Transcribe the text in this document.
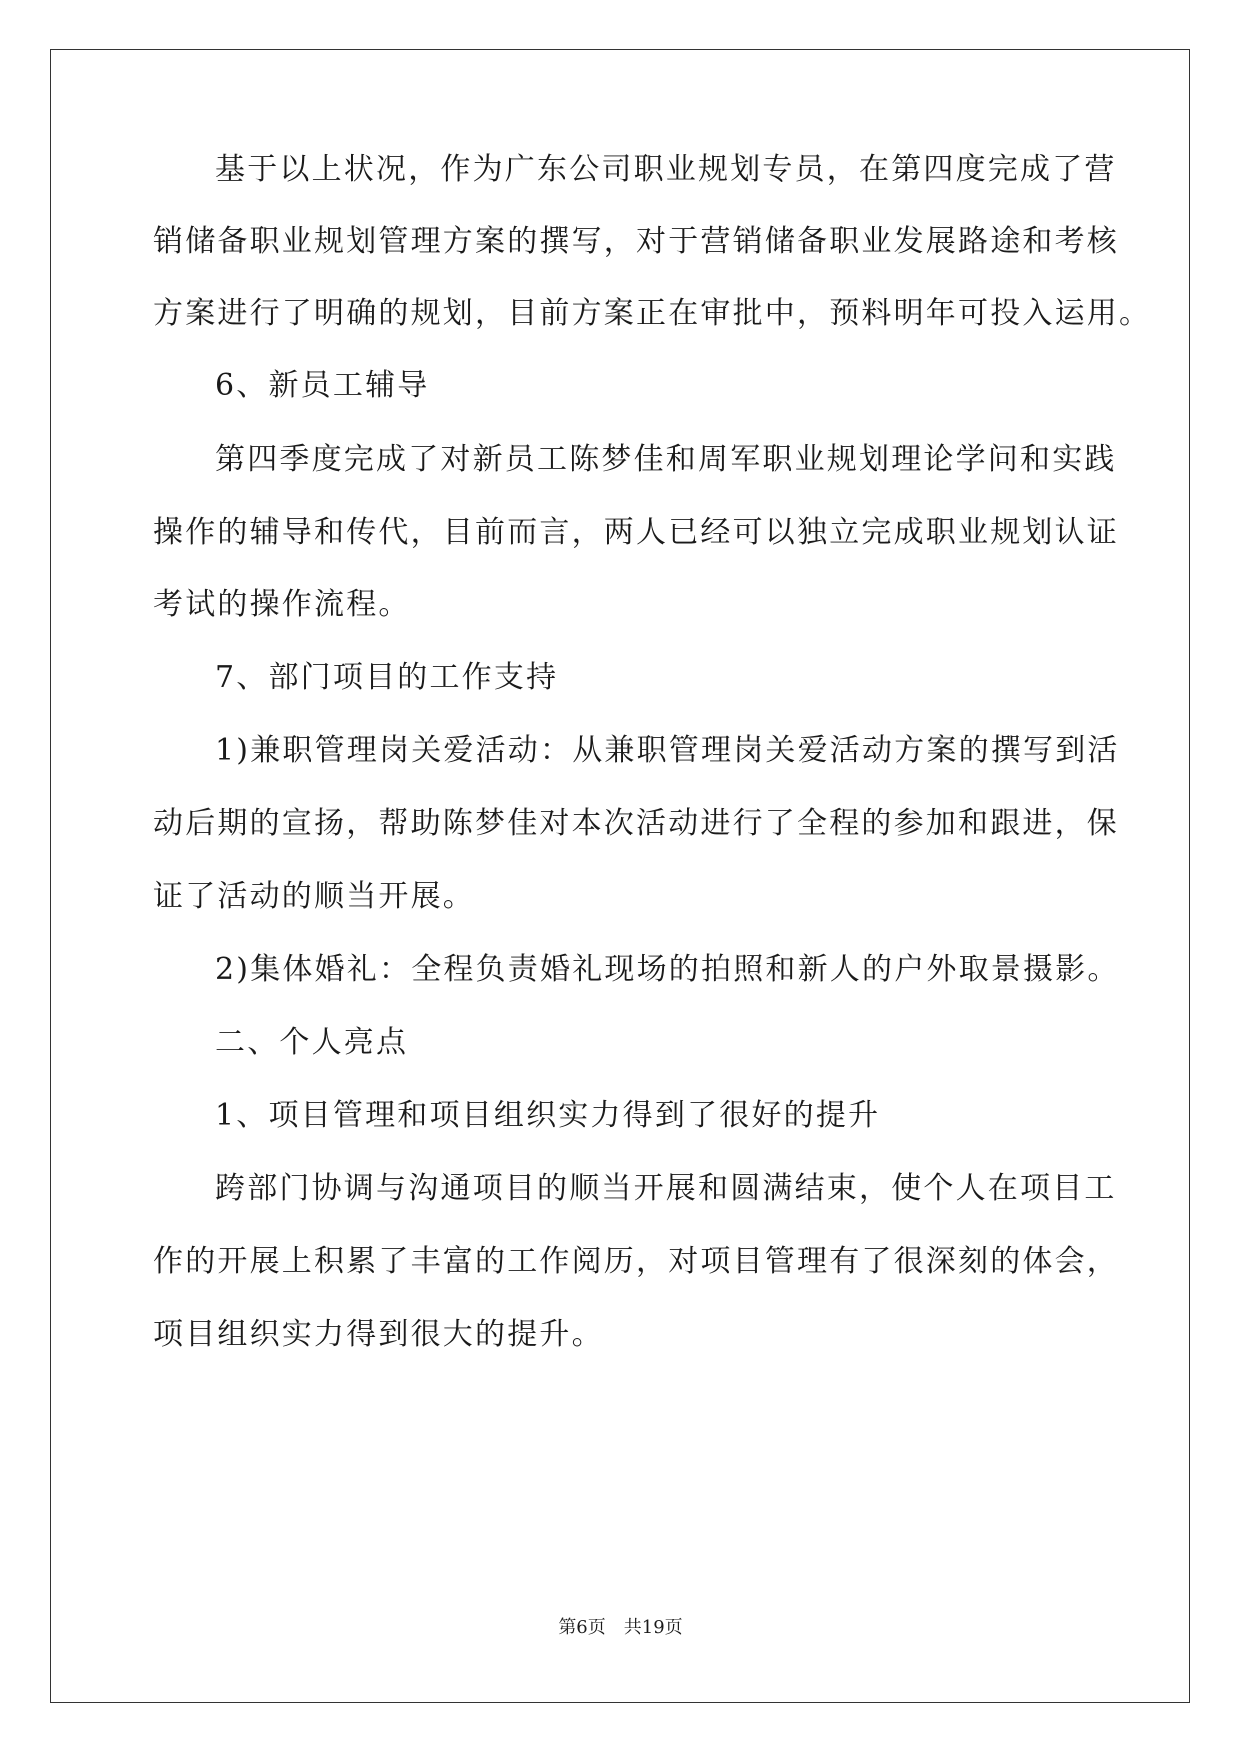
基于以上状况，作为广东公司职业规划专员，在第四度完成了营
销储备职业规划管理方案的撰写，对于营销储备职业发展路途和考核
方案进行了明确的规划，目前方案正在审批中，预料明年可投入运用。
6、新员工辅导
第四季度完成了对新员工陈梦佳和周军职业规划理论学问和实践
操作的辅导和传代，目前而言，两人已经可以独立完成职业规划认证
考试的操作流程。
7、部门项目的工作支持
1)兼职管理岗关爱活动：从兼职管理岗关爱活动方案的撰写到活
动后期的宣扬，帮助陈梦佳对本次活动进行了全程的参加和跟进，保
证了活动的顺当开展。
2)集体婚礼：全程负责婚礼现场的拍照和新人的户外取景摄影。
二、个人亮点
1、项目管理和项目组织实力得到了很好的提升
跨部门协调与沟通项目的顺当开展和圆满结束，使个人在项目工
作的开展上积累了丰富的工作阅历，对项目管理有了很深刻的体会，
项目组织实力得到很大的提升。
第6页 共19页
